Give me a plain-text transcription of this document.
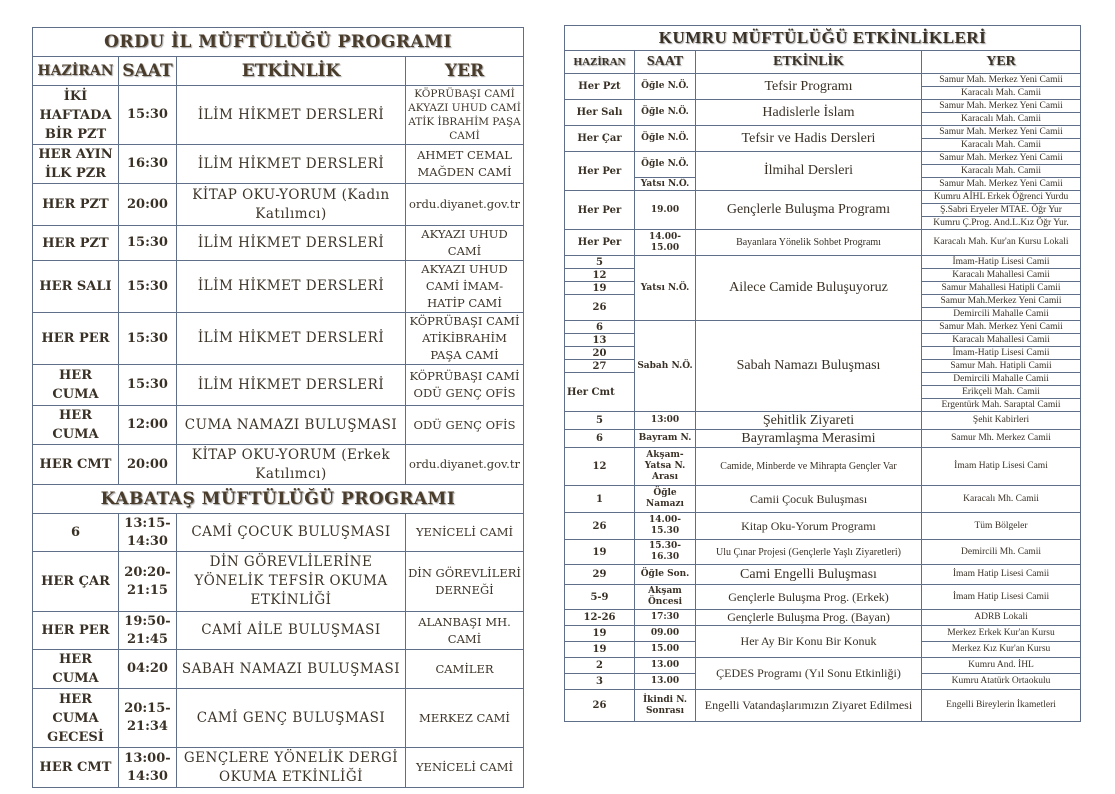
ORDU İL MÜFTÜLÜĞÜ PROGRAMI			
HAZİRAN	SAAT	ETKİNLİK	YER
İKİ HAFTADA BİR PZT	15:30	İLİM HİKMET DERSLERİ	KÖPRÜBAŞI CAMİ AKYAZI UHUD CAMİ ATİK İBRAHİM PAŞA CAMİ
HER AYIN İLK PZR	16:30	İLİM HİKMET DERSLERİ	AHMET CEMAL MAĞDEN CAMİ
HER PZT	20:00	KİTAP OKU-YORUM (Kadın Katılımcı)	ordu.diyanet.gov.tr
HER PZT	15:30	İLİM HİKMET DERSLERİ	AKYAZI UHUD CAMİ
HER SALI	15:30	İLİM HİKMET DERSLERİ	AKYAZI UHUD CAMİ İMAM-HATİP CAMİ
HER PER	15:30	İLİM HİKMET DERSLERİ	KÖPRÜBAŞI CAMİ ATİKİBRAHİM PAŞA CAMİ
HER CUMA	15:30	İLİM HİKMET DERSLERİ	KÖPRÜBAŞI CAMİ ODÜ GENÇ OFİS
HER CUMA	12:00	CUMA NAMAZI BULUŞMASI	ODÜ GENÇ OFİS
HER CMT	20:00	KİTAP OKU-YORUM (Erkek Katılımcı)	ordu.diyanet.gov.tr
KABATAŞ MÜFTÜLÜĞÜ PROGRAMI			
6	13:15-14:30	CAMİ ÇOCUK BULUŞMASI	YENİCELİ CAMİ
HER ÇAR	20:20-21:15	DİN GÖREVLİLERİNE YÖNELİK TEFSİR OKUMA ETKİNLİĞİ	DİN GÖREVLİLERİ DERNEĞİ
HER PER	19:50-21:45	CAMİ AİLE BULUŞMASI	ALANBAŞI MH. CAMİ
HER CUMA	04:20	SABAH NAMAZI BULUŞMASI	CAMİLER
HER CUMA GECESİ	20:15-21:34	CAMİ GENÇ BULUŞMASI	MERKEZ CAMİ
HER CMT	13:00-14:30	GENÇLERE YÖNELİK DERGİ OKUMA ETKİNLİĞİ	YENİCELİ CAMİ
KUMRU MÜFTÜLÜĞÜ ETKİNLİKLERİ			
HAZİRAN	SAAT	ETKİNLİK	YER
Her Pzt	Öğle N.Ö.	Tefsir Programı	Samur Mah. Merkez Yeni Camii
			Karacalı Mah. Camii
Her Salı	Öğle N.Ö.	Hadislerle İslam	Samur Mah. Merkez Yeni Camii
			Karacalı Mah. Camii
Her Çar	Öğle N.Ö.	Tefsir ve Hadis Dersleri	Samur Mah. Merkez Yeni Camii
			Karacalı Mah. Camii
Her Per	Öğle N.Ö.	İlmihal Dersleri	Samur Mah. Merkez Yeni Camii
			Karacalı Mah. Camii
	Yatsı N.Ö.		Samur Mah. Merkez Yeni Camii
Her Per	19.00	Gençlerle Buluşma Programı	Kumru AİHL Erkek Öğrenci Yurdu
			Ş.Sabri Eryeler MTAE. Öğr Yur
			Kumru Ç.Prog. And.L.Kız Öğr Yur.
Her Per	14.00-15.00	Bayanlara Yönelik Sohbet Programı	Karacalı Mah. Kur'an Kursu Lokali
5	Yatsı N.Ö.	Ailece Camide Buluşuyoruz	İmam-Hatip Lisesi Camii
12			Karacalı Mahallesi Camii
19			Samur Mahallesi Hatipli Camii
26			Samur Mah.Merkez Yeni Camii
			Demircili Mahalle Camii
6	Sabah N.Ö.	Sabah Namazı Buluşması	Samur Mah. Merkez Yeni Camii
13			Karacalı Mahallesi Camii
20			İmam-Hatip Lisesi Camii
27			Samur Mah. Hatipli Camii
Her Cmt			Demircili Mahalle Camii
			Erikçeli Mah. Camii
			Ergentürk Mah. Saraptal Camii
5	13:00	Şehitlik Ziyareti	Şehit Kabirleri
6	Bayram N.	Bayramlaşma Merasimi	Samur Mh. Merkez Camii
12	Akşam-Yatsa N. Arası	Camide, Minberde ve Mihrapta Gençler Var	İmam Hatip Lisesi Cami
1	Öğle Namazı	Camii Çocuk Buluşması	Karacalı Mh. Camii
26	14.00-15.30	Kitap Oku-Yorum Programı	Tüm Bölgeler
19	15.30-16.30	Ulu Çınar Projesi (Gençlerle Yaşlı Ziyaretleri)	Demircili Mh. Camii
29	Öğle Son.	Cami Engelli Buluşması	İmam Hatip Lisesi Camii
5-9	Akşam Öncesi	Gençlerle Buluşma Prog. (Erkek)	İmam Hatip Lisesi Camii
12-26	17:30	Gençlerle Buluşma Prog. (Bayan)	ADRB Lokali
19	09.00	Her Ay Bir Konu Bir Konuk	Merkez Erkek Kur'an Kursu
19	15.00		Merkez Kız Kur'an Kursu
2	13.00	ÇEDES Programı (Yıl Sonu Etkinliği)	Kumru And. İHL
3	13.00		Kumru Atatürk Ortaokulu
26	İkindi N. Sonrası	Engelli Vatandaşlarımızın Ziyaret Edilmesi	Engelli Bireylerin İkametleri
